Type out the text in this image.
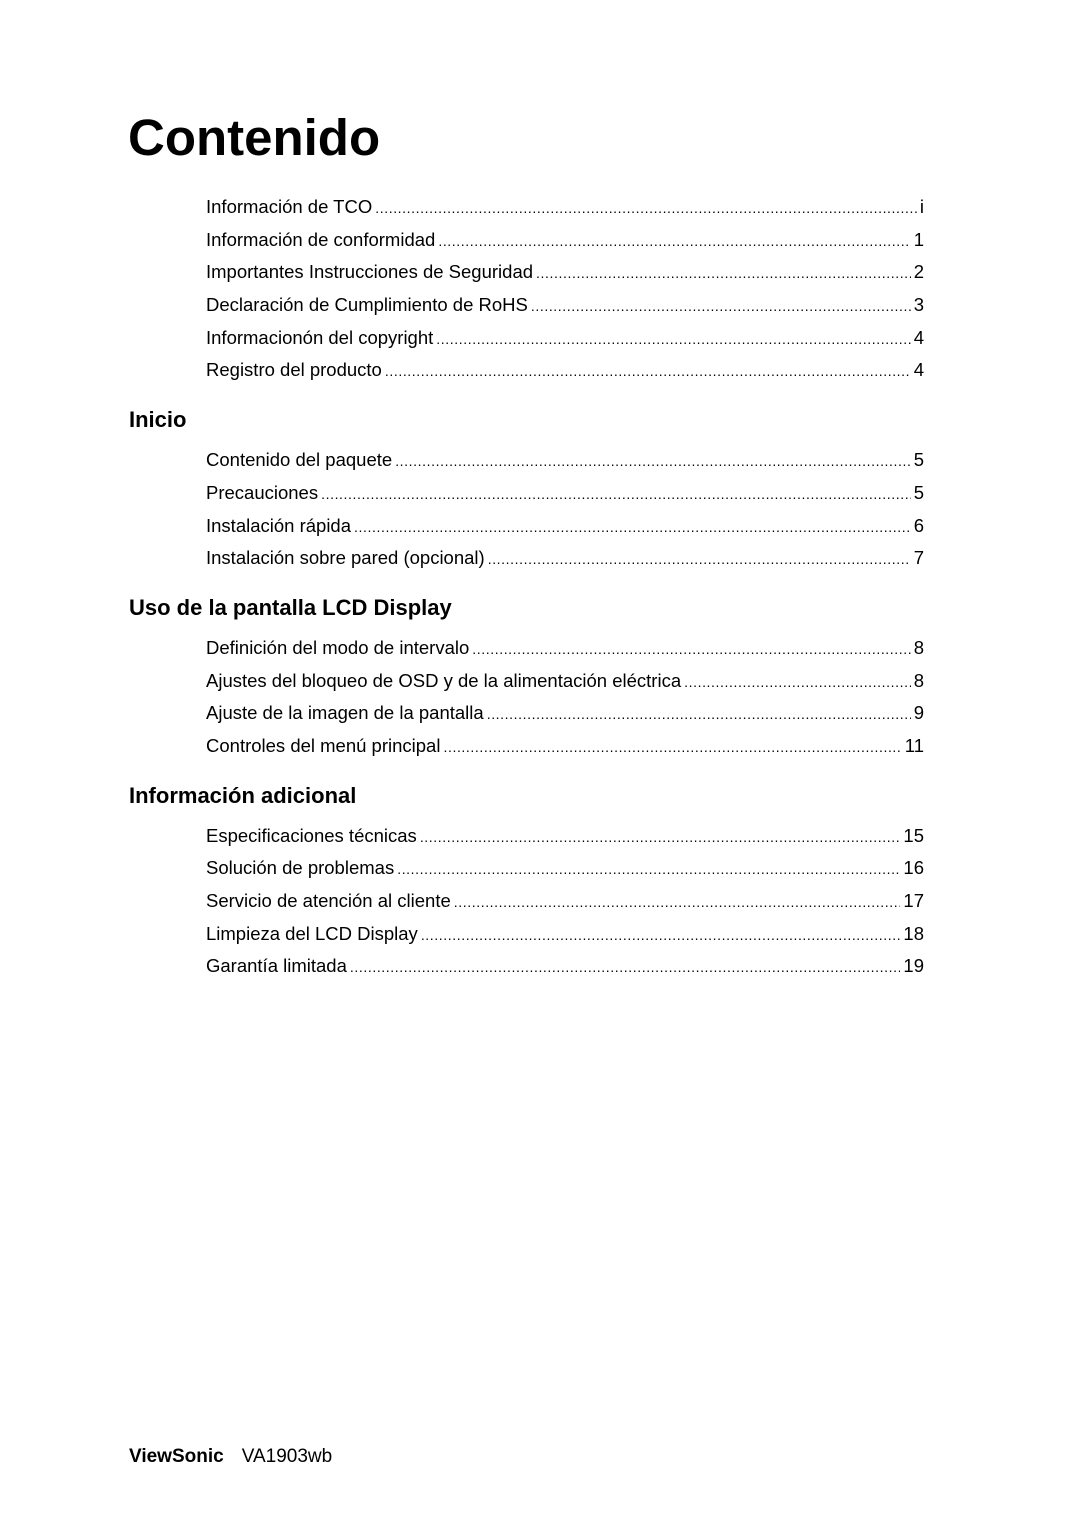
Contenido
Información de TCO .....	i
Información de conformidad .....	1
Importantes Instrucciones de Seguridad .....	2
Declaración de Cumplimiento de RoHS .....	3
Informacionón del copyright .....	4
Registro del producto .....	4
Inicio
Contenido del paquete .....	5
Precauciones .....	5
Instalación rápida .....	6
Instalación sobre pared (opcional) .....	7
Uso de la pantalla LCD Display
Definición del modo de intervalo .....	8
Ajustes del bloqueo de OSD y de la alimentación eléctrica .....	8
Ajuste de la imagen de la pantalla .....	9
Controles del menú principal .....	11
Información adicional
Especificaciones técnicas .....	15
Solución de problemas .....	16
Servicio de atención al cliente .....	17
Limpieza del LCD Display .....	18
Garantía limitada .....	19
ViewSonic VA1903wb
